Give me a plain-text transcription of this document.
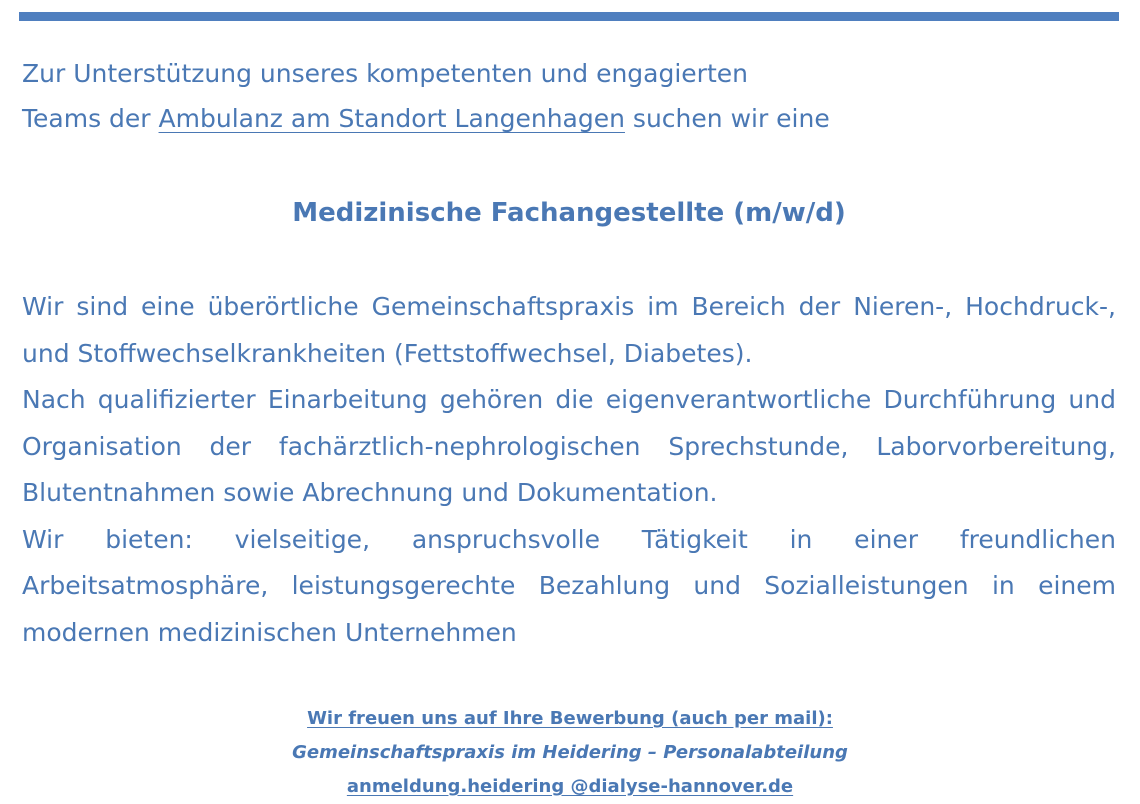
Zur Unterstützung unseres kompetenten und engagierten
Teams der Ambulanz am Standort Langenhagen suchen wir eine

Medizinische Fachangestellte (m/w/d)

Wir sind eine überörtliche Gemeinschaftspraxis im Bereich der Nieren-, Hochdruck-, und Stoffwechselkrankheiten (Fettstoffwechsel, Diabetes).

Nach qualifizierter Einarbeitung gehören die eigenverantwortliche Durchführung und Organisation der fachärztlich-nephrologischen Sprechstunde, Laborvorbereitung, Blutentnahmen sowie Abrechnung und Dokumentation.

Wir bieten: vielseitige, anspruchsvolle Tätigkeit in einer freundlichen Arbeitsatmosphäre, leistungsgerechte Bezahlung und Sozialleistungen in einem modernen medizinischen Unternehmen

Wir freuen uns auf Ihre Bewerbung (auch per mail):
Gemeinschaftspraxis im Heidering – Personalabteilung
anmeldung.heidering @dialyse-hannover.de
